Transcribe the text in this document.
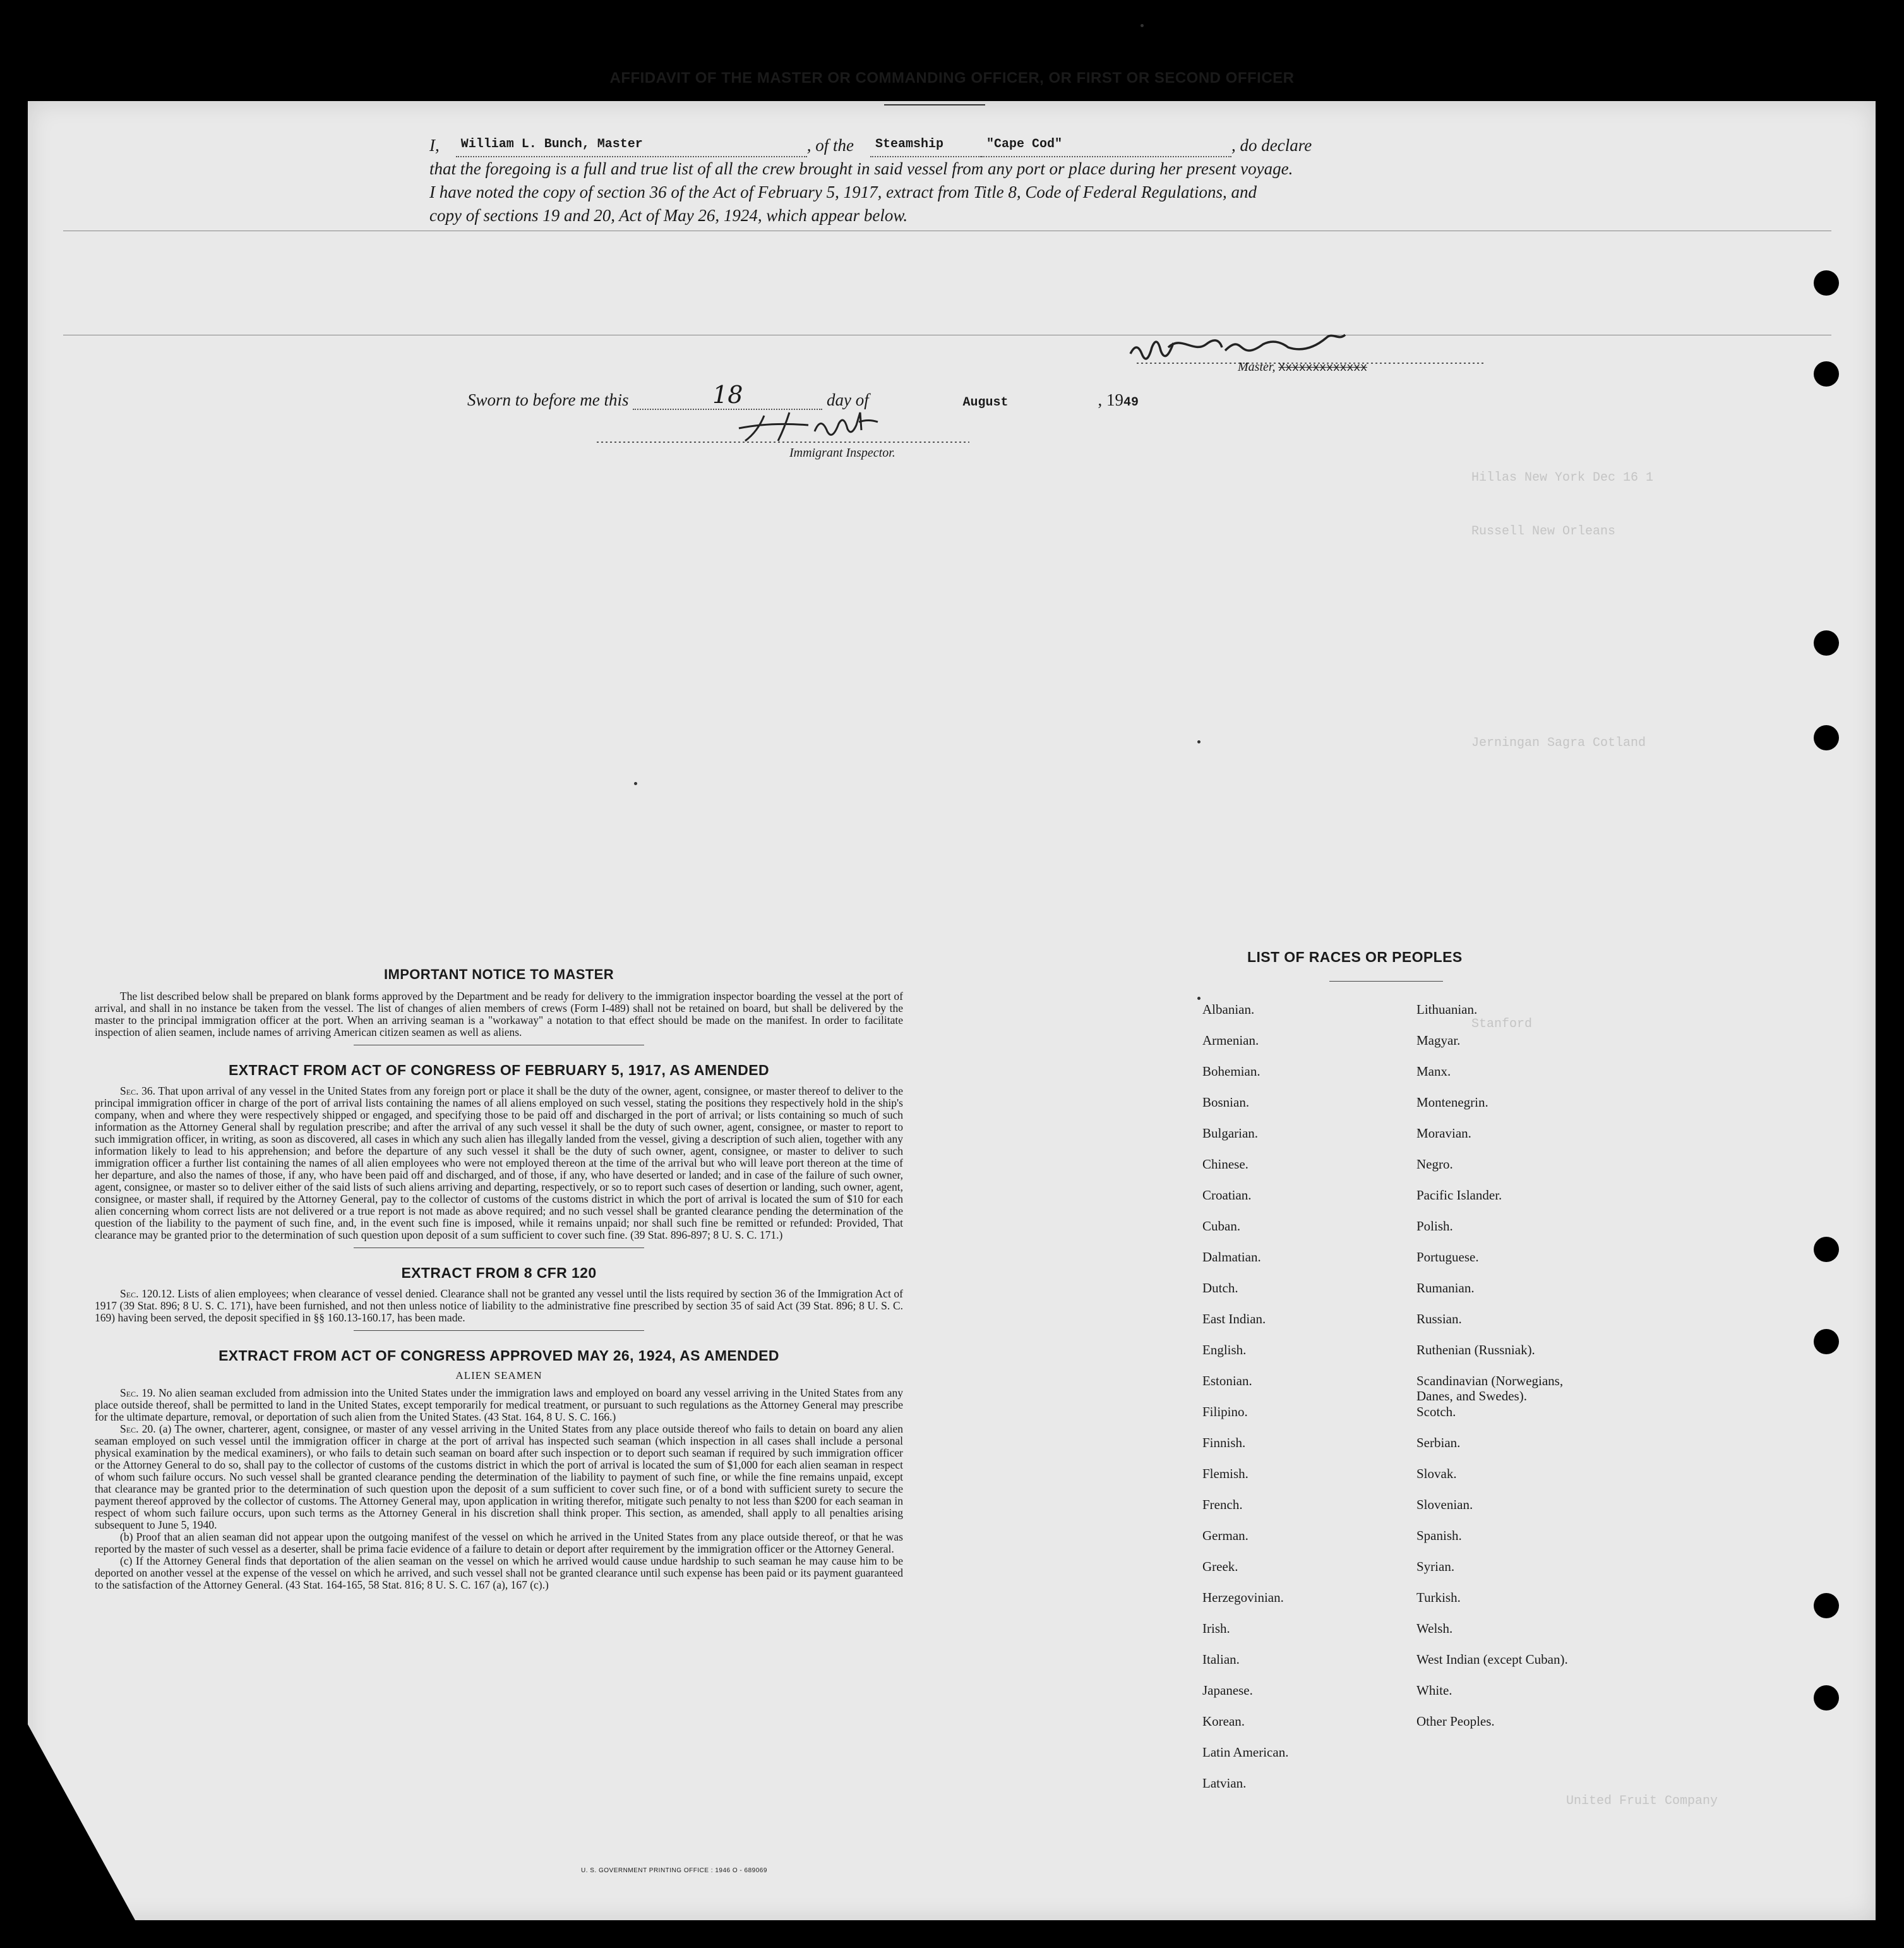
Hillas New York Dec 16 1
Russell New Orleans
Jerningan Sagra Cotland
Stanford
United Fruit Company
AFFIDAVIT OF THE MASTER OR COMMANDING OFFICER, OR FIRST OR SECOND OFFICER
I,	William L. Bunch, Master	, of the	Steamship	"Cape Cod"	, do declare
that the foregoing is a full and true list of all the crew brought in said vessel from any port or place during her present voyage.
I have noted the copy of section 36 of the Act of February 5, 1917, extract from Title 8, Code of Federal Regulations, and
copy of sections 19 and 20, Act of May 26, 1924, which appear below.
Master, Xxxxxxxxxxxxx
Sworn to before me this	18	day of	August	, 1949
Immigrant Inspector.
IMPORTANT NOTICE TO MASTER
The list described below shall be prepared on blank forms approved by the Department and be ready for delivery to the immigration inspector boarding the vessel at the port of arrival, and shall in no instance be taken from the vessel. The list of changes of alien members of crews (Form I-489) shall not be retained on board, but shall be delivered by the master to the principal immigration officer at the port. When an arriving seaman is a "workaway" a notation to that effect should be made on the manifest. In order to facilitate inspection of alien seamen, include names of arriving American citizen seamen as well as aliens.
EXTRACT FROM ACT OF CONGRESS OF FEBRUARY 5, 1917, AS AMENDED
Sec. 36. That upon arrival of any vessel in the United States from any foreign port or place it shall be the duty of the owner, agent, consignee, or master thereof to deliver to the principal immigration officer in charge of the port of arrival lists containing the names of all aliens employed on such vessel, stating the positions they respectively hold in the ship's company, when and where they were respectively shipped or engaged, and specifying those to be paid off and discharged in the port of arrival; or lists containing so much of such information as the Attorney General shall by regulation prescribe; and after the arrival of any such vessel it shall be the duty of such owner, agent, consignee, or master to report to such immigration officer, in writing, as soon as discovered, all cases in which any such alien has illegally landed from the vessel, giving a description of such alien, together with any information likely to lead to his apprehension; and before the departure of any such vessel it shall be the duty of such owner, agent, consignee, or master to deliver to such immigration officer a further list containing the names of all alien employees who were not employed thereon at the time of the arrival but who will leave port thereon at the time of her departure, and also the names of those, if any, who have been paid off and discharged, and of those, if any, who have deserted or landed; and in case of the failure of such owner, agent, consignee, or master so to deliver either of the said lists of such aliens arriving and departing, respectively, or so to report such cases of desertion or landing, such owner, agent, consignee, or master shall, if required by the Attorney General, pay to the collector of customs of the customs district in which the port of arrival is located the sum of $10 for each alien concerning whom correct lists are not delivered or a true report is not made as above required; and no such vessel shall be granted clearance pending the determination of the question of the liability to the payment of such fine, and, in the event such fine is imposed, while it remains unpaid; nor shall such fine be remitted or refunded: Provided, That clearance may be granted prior to the determination of such question upon deposit of a sum sufficient to cover such fine. (39 Stat. 896-897; 8 U. S. C. 171.)
EXTRACT FROM 8 CFR 120
Sec. 120.12. Lists of alien employees; when clearance of vessel denied. Clearance shall not be granted any vessel until the lists required by section 36 of the Immigration Act of 1917 (39 Stat. 896; 8 U. S. C. 171), have been furnished, and not then unless notice of liability to the administrative fine prescribed by section 35 of said Act (39 Stat. 896; 8 U. S. C. 169) having been served, the deposit specified in §§ 160.13-160.17, has been made.
EXTRACT FROM ACT OF CONGRESS APPROVED MAY 26, 1924, AS AMENDED
ALIEN SEAMEN
Sec. 19. No alien seaman excluded from admission into the United States under the immigration laws and employed on board any vessel arriving in the United States from any place outside thereof, shall be permitted to land in the United States, except temporarily for medical treatment, or pursuant to such regulations as the Attorney General may prescribe for the ultimate departure, removal, or deportation of such alien from the United States. (43 Stat. 164, 8 U. S. C. 166.)
Sec. 20. (a) The owner, charterer, agent, consignee, or master of any vessel arriving in the United States from any place outside thereof who fails to detain on board any alien seaman employed on such vessel until the immigration officer in charge at the port of arrival has inspected such seaman (which inspection in all cases shall include a personal physical examination by the medical examiners), or who fails to detain such seaman on board after such inspection or to deport such seaman if required by such immigration officer or the Attorney General to do so, shall pay to the collector of customs of the customs district in which the port of arrival is located the sum of $1,000 for each alien seaman in respect of whom such failure occurs. No such vessel shall be granted clearance pending the determination of the liability to payment of such fine, or while the fine remains unpaid, except that clearance may be granted prior to the determination of such question upon the deposit of a sum sufficient to cover such fine, or of a bond with sufficient surety to secure the payment thereof approved by the collector of customs. The Attorney General may, upon application in writing therefor, mitigate such penalty to not less than $200 for each seaman in respect of whom such failure occurs, upon such terms as the Attorney General in his discretion shall think proper. This section, as amended, shall apply to all penalties arising subsequent to June 5, 1940.
(b) Proof that an alien seaman did not appear upon the outgoing manifest of the vessel on which he arrived in the United States from any place outside thereof, or that he was reported by the master of such vessel as a deserter, shall be prima facie evidence of a failure to detain or deport after requirement by the immigration officer or the Attorney General.
(c) If the Attorney General finds that deportation of the alien seaman on the vessel on which he arrived would cause undue hardship to such seaman he may cause him to be deported on another vessel at the expense of the vessel on which he arrived, and such vessel shall not be granted clearance until such expense has been paid or its payment guaranteed to the satisfaction of the Attorney General. (43 Stat. 164-165, 58 Stat. 816; 8 U. S. C. 167 (a), 167 (c).)
U. S. GOVERNMENT PRINTING OFFICE : 1946 O - 689069
LIST OF RACES OR PEOPLES
Albanian.
Armenian.
Bohemian.
Bosnian.
Bulgarian.
Chinese.
Croatian.
Cuban.
Dalmatian.
Dutch.
East Indian.
English.
Estonian.
Filipino.
Finnish.
Flemish.
French.
German.
Greek.
Herzegovinian.
Irish.
Italian.
Japanese.
Korean.
Latin American.
Latvian.
Lithuanian.
Magyar.
Manx.
Montenegrin.
Moravian.
Negro.
Pacific Islander.
Polish.
Portuguese.
Rumanian.
Russian.
Ruthenian (Russniak).
Scandinavian (Norwegians,
Danes, and Swedes).
Scotch.
Serbian.
Slovak.
Slovenian.
Spanish.
Syrian.
Turkish.
Welsh.
West Indian (except Cuban).
White.
Other Peoples.
